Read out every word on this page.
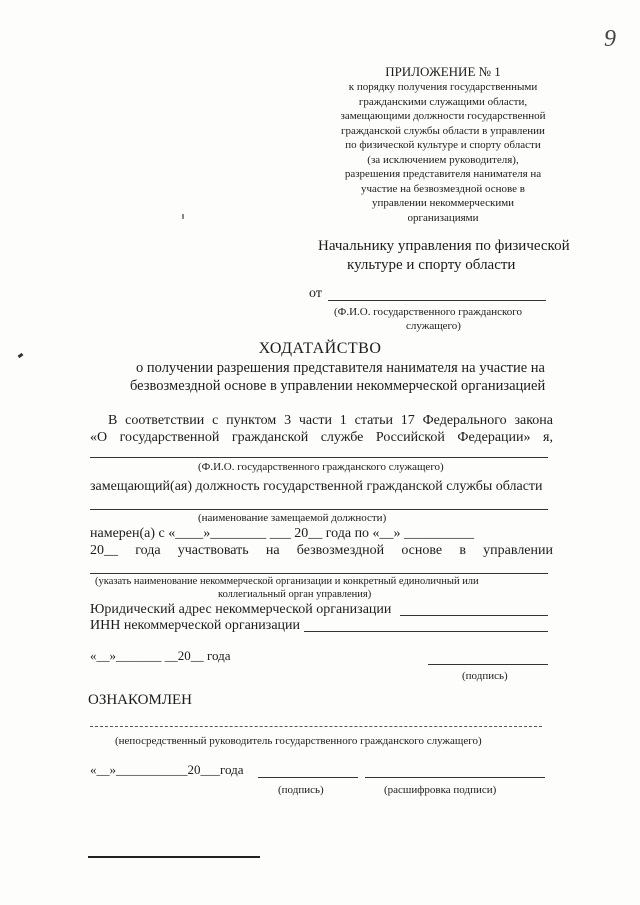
9
ПРИЛОЖЕНИЕ № 1
к порядку получения государственными
гражданскими служащими области,
замещающими должности государственной
гражданской службы области в управлении
по физической культуре и спорту области
(за исключением руководителя),
разрешения представителя нанимателя на
участие на безвозмездной основе в
управлении некоммерческими
организациями
Начальнику управления по физической
культуре и спорту области
от
(Ф.И.О. государственного гражданского
служащего)
ХОДАТАЙСТВО
о получении разрешения представителя нанимателя на участие на
безвозмездной основе в управлении некоммерческой организацией
В соответствии с пунктом 3 части 1 статьи 17 Федерального закона
«О государственной гражданской службе Российской Федерации» я,
(Ф.И.О. государственного гражданского служащего)
замещающий(ая) должность государственной гражданской службы области
(наименование замещаемой должности)
намерен(а) с «____»________ ___ 20__ года по «__» __________
20__ года участвовать на безвозмездной основе в управлении
(указать наименование некоммерческой организации и конкретный единоличный или
коллегиальный орган управления)
Юридический адрес некоммерческой организации
ИНН некоммерческой организации
«__»_______ __20__ года
(подпись)
ОЗНАКОМЛЕН
(непосредственный руководитель государственного гражданского служащего)
«__»___________20___года
(подпись)	(расшифровка подписи)
